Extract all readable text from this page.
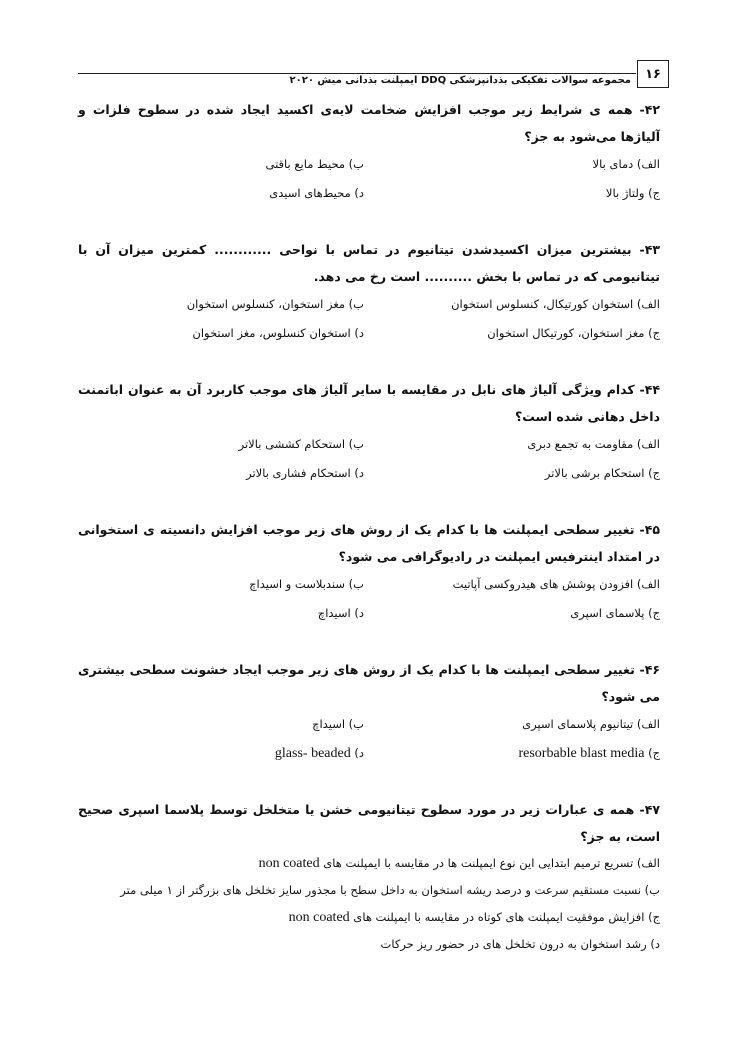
۱۶
مجموعه سوالات تفکیکی بذدانپزشکی DDQ ایمپلنت بذدانی میش ۲۰۲۰
۴۲- همه ی شرایط زیر موجب افزایش ضخامت لایه‌ی اکسید ایجاد شده در سطوح فلزات و آلیاژها می‌شود به جز؟
الف) دمای بالا
ب) محیط مایع باقتی
ج) ولتاژ بالا
د) محیط‌های اسیدی
۴۳- بیشترین میزان اکسیدشدن تیتانیوم در تماس با نواحی ............ کمترین میزان آن با تیتانیومی که در تماس با بخش .......... است رخ می دهد.
الف) استخوان کورتیکال، کنسلوس استخوان
ب) مغز استخوان، کنسلوس استخوان
ج) مغز استخوان، کورتیکال استخوان
د) استخوان کنسلوس، مغز استخوان
۴۴- کدام ویژگی آلیاژ های نابل در مقایسه با سایر آلیاژ های موجب کاربرد آن به عنوان اباتمنت داخل دهانی شده است؟
الف) مقاومت به تجمع دبری
ب) استحکام کششی بالاتر
ج) استحکام برشی بالاتر
د) استحکام فشاری بالاتر
۴۵- تغییر سطحی ایمپلنت ها با کدام یک از روش های زیر موجب افزایش دانسیته ی استخوانی در امتداد اینترفیس ایمپلنت در رادیوگرافی می شود؟
الف) افزودن پوشش های هیدروکسی آپاتیت
ب) سندبلاست و اسیداچ
ج) پلاسمای اسپری
د) اسیداچ
۴۶- تغییر سطحی ایمپلنت ها با کدام یک از روش های زیر موجب ایجاد خشونت سطحی بیشتری می شود؟
الف) تیتانیوم پلاسمای اسپری
ب) اسیداچ
ج) resorbable blast media
د) glass- beaded
۴۷- همه ی عبارات زیر در مورد سطوح تیتانیومی خشن یا متخلخل توسط پلاسما اسپری صحیح است، به جز؟
الف) تسریع ترمیم ابتدایی این نوع ایمپلنت ها در مقایسه با ایمپلنت های non coated
ب) نسبت مستقیم سرعت و درصد ریشه استخوان به داخل سطح با مجذور سایز تخلخل های بزرگتر از ۱ میلی متر
ج) افزایش موفقیت ایمپلنت های کوتاه در مقایسه با ایمپلنت های non coated
د) رشد استخوان به درون تخلخل های در حضور ریز حرکات
